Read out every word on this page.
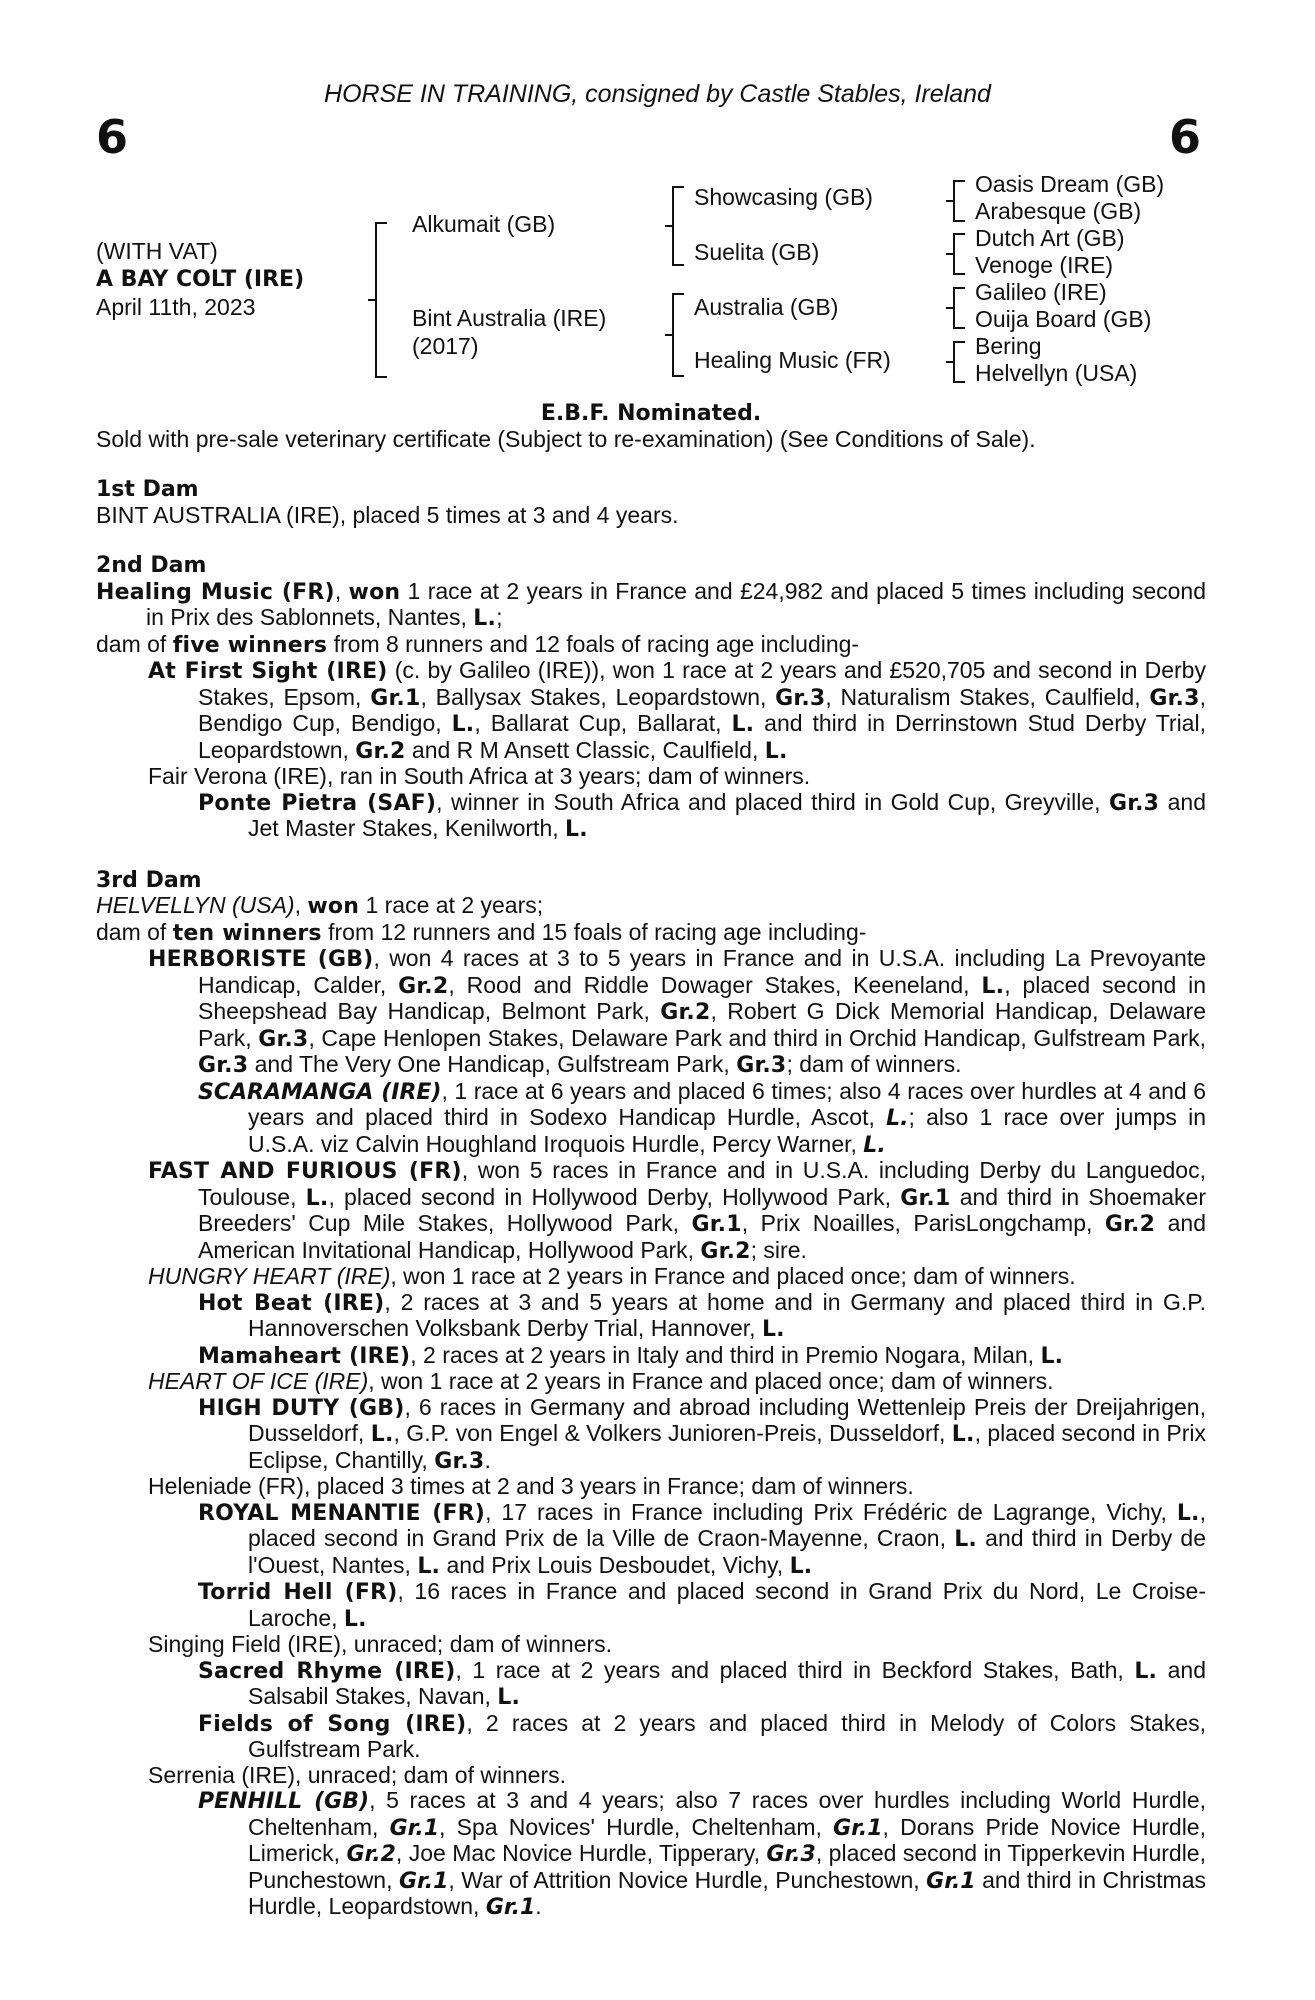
HORSE IN TRAINING, consigned by Castle Stables, Ireland
6	6
(WITH VAT)
A BAY COLT (IRE)
April 11th, 2023
Alkumait (GB)
Bint Australia (IRE)
(2017)
Showcasing (GB)
Suelita (GB)
Australia (GB)
Healing Music (FR)
Oasis Dream (GB)
Arabesque (GB)
Dutch Art (GB)
Venoge (IRE)
Galileo (IRE)
Ouija Board (GB)
Bering
Helvellyn (USA)
E.B.F. Nominated.
Sold with pre-sale veterinary certificate (Subject to re-examination) (See Conditions of Sale).
1st Dam
BINT AUSTRALIA (IRE), placed 5 times at 3 and 4 years.
2nd Dam
Healing Music (FR), won 1 race at 2 years in France and £24,982 and placed 5 times including second in Prix des Sablonnets, Nantes, L.;
dam of five winners from 8 runners and 12 foals of racing age including-
At First Sight (IRE) (c. by Galileo (IRE)), won 1 race at 2 years and £520,705 and second in Derby Stakes, Epsom, Gr.1, Ballysax Stakes, Leopardstown, Gr.3, Naturalism Stakes, Caulfield, Gr.3, Bendigo Cup, Bendigo, L., Ballarat Cup, Ballarat, L. and third in Derrinstown Stud Derby Trial, Leopardstown, Gr.2 and R M Ansett Classic, Caulfield, L.
Fair Verona (IRE), ran in South Africa at 3 years; dam of winners.
Ponte Pietra (SAF), winner in South Africa and placed third in Gold Cup, Greyville, Gr.3 and Jet Master Stakes, Kenilworth, L.
3rd Dam
HELVELLYN (USA), won 1 race at 2 years;
dam of ten winners from 12 runners and 15 foals of racing age including-
HERBORISTE (GB), won 4 races at 3 to 5 years in France and in U.S.A. including La Prevoyante Handicap, Calder, Gr.2, Rood and Riddle Dowager Stakes, Keeneland, L., placed second in Sheepshead Bay Handicap, Belmont Park, Gr.2, Robert G Dick Memorial Handicap, Delaware Park, Gr.3, Cape Henlopen Stakes, Delaware Park and third in Orchid Handicap, Gulfstream Park, Gr.3 and The Very One Handicap, Gulfstream Park, Gr.3; dam of winners.
SCARAMANGA (IRE), 1 race at 6 years and placed 6 times; also 4 races over hurdles at 4 and 6 years and placed third in Sodexo Handicap Hurdle, Ascot, L.; also 1 race over jumps in U.S.A. viz Calvin Houghland Iroquois Hurdle, Percy Warner, L.
FAST AND FURIOUS (FR), won 5 races in France and in U.S.A. including Derby du Languedoc, Toulouse, L., placed second in Hollywood Derby, Hollywood Park, Gr.1 and third in Shoemaker Breeders' Cup Mile Stakes, Hollywood Park, Gr.1, Prix Noailles, ParisLongchamp, Gr.2 and American Invitational Handicap, Hollywood Park, Gr.2; sire.
HUNGRY HEART (IRE), won 1 race at 2 years in France and placed once; dam of winners.
Hot Beat (IRE), 2 races at 3 and 5 years at home and in Germany and placed third in G.P. Hannoverschen Volksbank Derby Trial, Hannover, L.
Mamaheart (IRE), 2 races at 2 years in Italy and third in Premio Nogara, Milan, L.
HEART OF ICE (IRE), won 1 race at 2 years in France and placed once; dam of winners.
HIGH DUTY (GB), 6 races in Germany and abroad including Wettenleip Preis der Dreijahrigen, Dusseldorf, L., G.P. von Engel & Volkers Junioren-Preis, Dusseldorf, L., placed second in Prix Eclipse, Chantilly, Gr.3.
Heleniade (FR), placed 3 times at 2 and 3 years in France; dam of winners.
ROYAL MENANTIE (FR), 17 races in France including Prix Frédéric de Lagrange, Vichy, L., placed second in Grand Prix de la Ville de Craon-Mayenne, Craon, L. and third in Derby de l'Ouest, Nantes, L. and Prix Louis Desboudet, Vichy, L.
Torrid Hell (FR), 16 races in France and placed second in Grand Prix du Nord, Le Croise-Laroche, L.
Singing Field (IRE), unraced; dam of winners.
Sacred Rhyme (IRE), 1 race at 2 years and placed third in Beckford Stakes, Bath, L. and Salsabil Stakes, Navan, L.
Fields of Song (IRE), 2 races at 2 years and placed third in Melody of Colors Stakes, Gulfstream Park.
Serrenia (IRE), unraced; dam of winners.
PENHILL (GB), 5 races at 3 and 4 years; also 7 races over hurdles including World Hurdle, Cheltenham, Gr.1, Spa Novices' Hurdle, Cheltenham, Gr.1, Dorans Pride Novice Hurdle, Limerick, Gr.2, Joe Mac Novice Hurdle, Tipperary, Gr.3, placed second in Tipperkevin Hurdle, Punchestown, Gr.1, War of Attrition Novice Hurdle, Punchestown, Gr.1 and third in Christmas Hurdle, Leopardstown, Gr.1.
